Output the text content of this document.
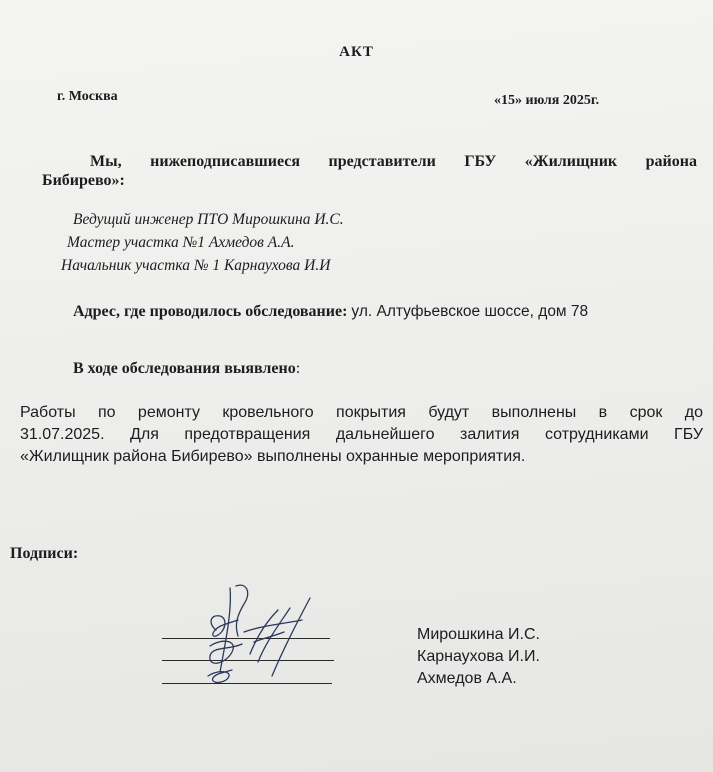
АКТ
г. Москва	«15» июля 2025г.
Мы, нижеподписавшиеся представители ГБУ «Жилищник района
Бибирево»:
Ведущий инженер ПТО Мирошкина И.С.
Мастер участка №1 Ахмедов А.А.
Начальник участка № 1 Карнаухова И.И
Адрес, где проводилось обследование: ул. Алтуфьевское шоссе, дом 78
В ходе обследования выявлено:
Работы по ремонту кровельного покрытия будут выполнены в срок до
31.07.2025. Для предотвращения дальнейшего залития сотрудниками ГБУ
«Жилищник района Бибирево» выполнены охранные мероприятия.
Подписи:
Мирошкина И.С.
Карнаухова И.И.
Ахмедов А.А.
